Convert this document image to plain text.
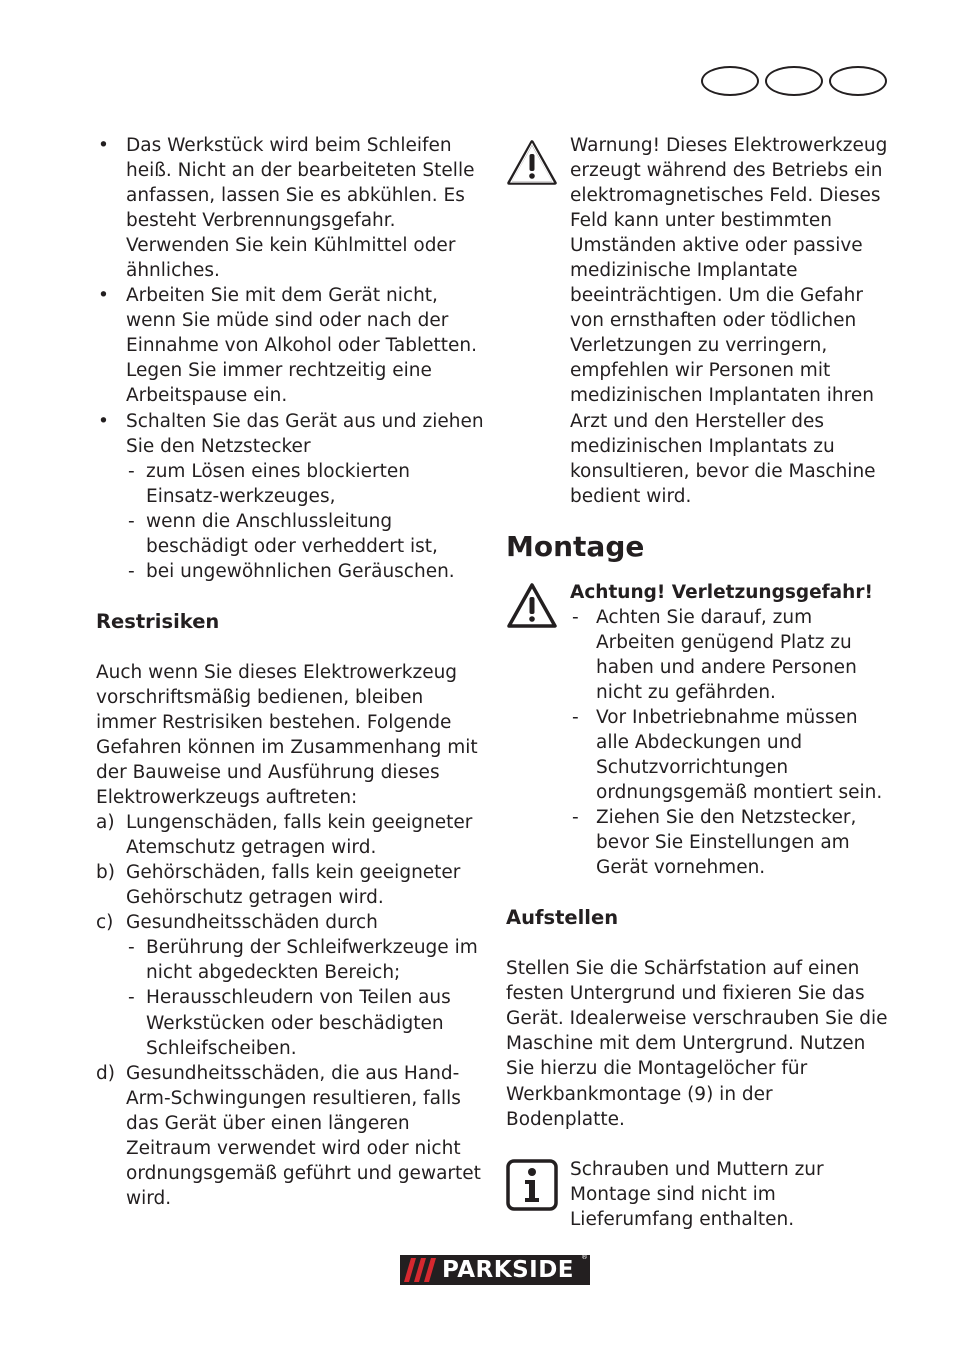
• Das Werkstück wird beim Schleifen heiß. Nicht an der bearbeiteten Stelle anfassen, lassen Sie es abkühlen. Es besteht Verbrennungsgefahr. Verwenden Sie kein Kühlmittel oder ähnliches.
• Arbeiten Sie mit dem Gerät nicht, wenn Sie müde sind oder nach der Einnahme von Alkohol oder Tabletten. Legen Sie immer rechtzeitig eine Arbeitspause ein.
• Schalten Sie das Gerät aus und ziehen Sie den Netzstecker
- zum Lösen eines blockierten Einsatz-werkzeuges,
- wenn die Anschlussleitung beschädigt oder verheddert ist,
- bei ungewöhnlichen Geräuschen.
Restrisiken

Auch wenn Sie dieses Elektrowerkzeug vorschriftsmäßig bedienen, bleiben immer Restrisiken bestehen. Folgende Gefahren können im Zusammenhang mit der Bauweise und Ausführung dieses Elektrowerkzeugs auftreten:

a) Lungenschäden, falls kein geeigneter Atemschutz getragen wird.
b) Gehörschäden, falls kein geeigneter Gehörschutz getragen wird.
c) Gesundheitsschäden durch
- Berührung der Schleifwerkzeuge im nicht abgedeckten Bereich;
- Herausschleudern von Teilen aus Werkstücken oder beschädigten Schleifscheiben.
d) Gesundheitsschäden, die aus Hand-Arm-Schwingungen resultieren, falls das Gerät über einen längeren Zeitraum verwendet wird oder nicht ordnungsgemäß geführt und gewartet wird.

Warnung! Dieses Elektrowerkzeug erzeugt während des Betriebs ein elektromagnetisches Feld. Dieses Feld kann unter bestimmten Umständen aktive oder passive medizinische Implantate beeinträchtigen. Um die Gefahr von ernsthaften oder tödlichen Verletzungen zu verringern, empfehlen wir Personen mit medizinischen Implantaten ihren Arzt und den Hersteller des medizinischen Implantats zu konsultieren, bevor die Maschine bedient wird.

Montage
Achtung! Verletzungsgefahr!
- Achten Sie darauf, zum Arbeiten genügend Platz zu haben und andere Personen nicht zu gefährden.
- Vor Inbetriebnahme müssen alle Abdeckungen und Schutzvorrichtungen ordnungsgemäß montiert sein.
- Ziehen Sie den Netzstecker, bevor Sie Einstellungen am Gerät vornehmen.
Aufstellen

Stellen Sie die Schärfstation auf einen festen Untergrund und fixieren Sie das Gerät. Idealerweise verschrauben Sie die Maschine mit dem Untergrund. Nutzen Sie hierzu die Montagelöcher für Werkbankmontage (9) in der Bodenplatte.

Schrauben und Muttern zur Montage sind nicht im Lieferumfang enthalten.

PARKSIDE ®
